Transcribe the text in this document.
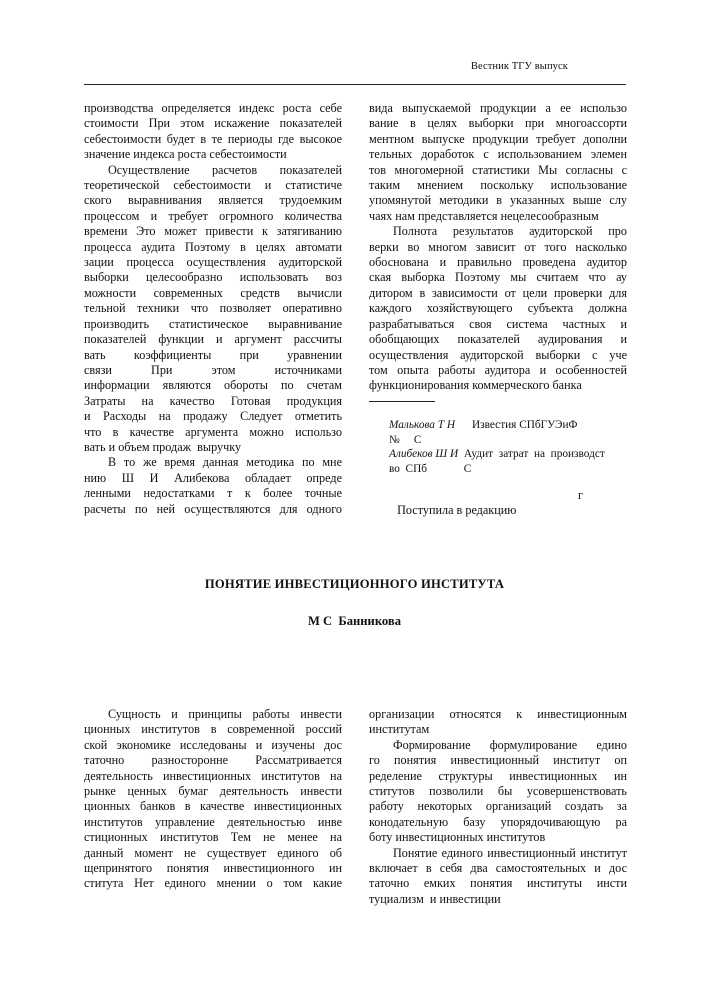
Вестник ТГУ выпуск
производства определяется индекс роста себе
стоимости При этом искажение показателей
себестоимости будет в те периоды где высокое
значение индекса роста себестоимости
Осуществление расчетов показателей
теоретической себестоимости и статистиче
ского выравнивания является трудоемким
процессом и требует огромного количества
времени Это может привести к затягиванию
процесса аудита Поэтому в целях автомати
зации процесса осуществления аудиторской
выборки целесообразно использовать воз
можности современных средств вычисли
тельной техники что позволяет оперативно
производить статистическое выравнивание
показателей функции и аргумент рассчиты
вать коэффициенты при уравнении
связи При этом источниками
информации являются обороты по счетам
Затраты на качество Готовая продукция
и Расходы на продажу Следует отметить
что в качестве аргумента можно использо
вать и объем продаж  выручку
В то же время данная методика по мне
нию Ш И Алибекова обладает опреде
ленными недостатками т к более точные
расчеты по ней осуществляются для одного
вида выпускаемой продукции а ее использо
вание в целях выборки при многоассорти
ментном выпуске продукции требует дополни
тельных доработок с использованием элемен
тов многомерной статистики Мы согласны с
таким мнением поскольку использование
упомянутой методики в указанных выше слу
чаях нам представляется нецелесообразным
Полнота результатов аудиторской про
верки во многом зависит от того насколько
обоснована и правильно проведена аудитор
ская выборка Поэтому мы считаем что ау
дитором в зависимости от цели проверки для
каждого хозяйствующего субъекта должна
разрабатываться своя система частных и
обобщающих показателей аудирования и
осуществления аудиторской выборки с уче
том опыта работы аудитора и особенностей
функционирования коммерческого банка
Малькова Т Н      Известия СПбГУЭиФ
№     С
Алибеков Ш И  Аудит  затрат  на  производст
во  СПб             С

Поступила в редакцию

г

ПОНЯТИЕ ИНВЕСТИЦИОННОГО ИНСТИТУТА
М С  Банникова
Сущность и принципы работы инвести
ционных институтов в современной россий
ской экономике исследованы и изучены дос
таточно разносторонне Рассматривается
деятельность инвестиционных институтов на
рынке ценных бумаг деятельность инвести
ционных банков в качестве инвестиционных
институтов управление деятельностью инве
стиционных институтов Тем не менее на
данный момент не существует единого об
щепринятого понятия инвестиционного ин
ститута Нет единого мнении о том какие
организации относятся к инвестиционным
институтам
Формирование формулирование едино
го понятия инвестиционный институт оп
ределение структуры инвестиционных ин
ститутов позволили бы усовершенствовать
работу некоторых организаций создать за
конодательную базу упорядочивающую ра
боту инвестиционных институтов
Понятие единого инвестиционный институт
включает в себя два самостоятельных и дос
таточно емких понятия институты инсти
туциализм  и инвестиции
